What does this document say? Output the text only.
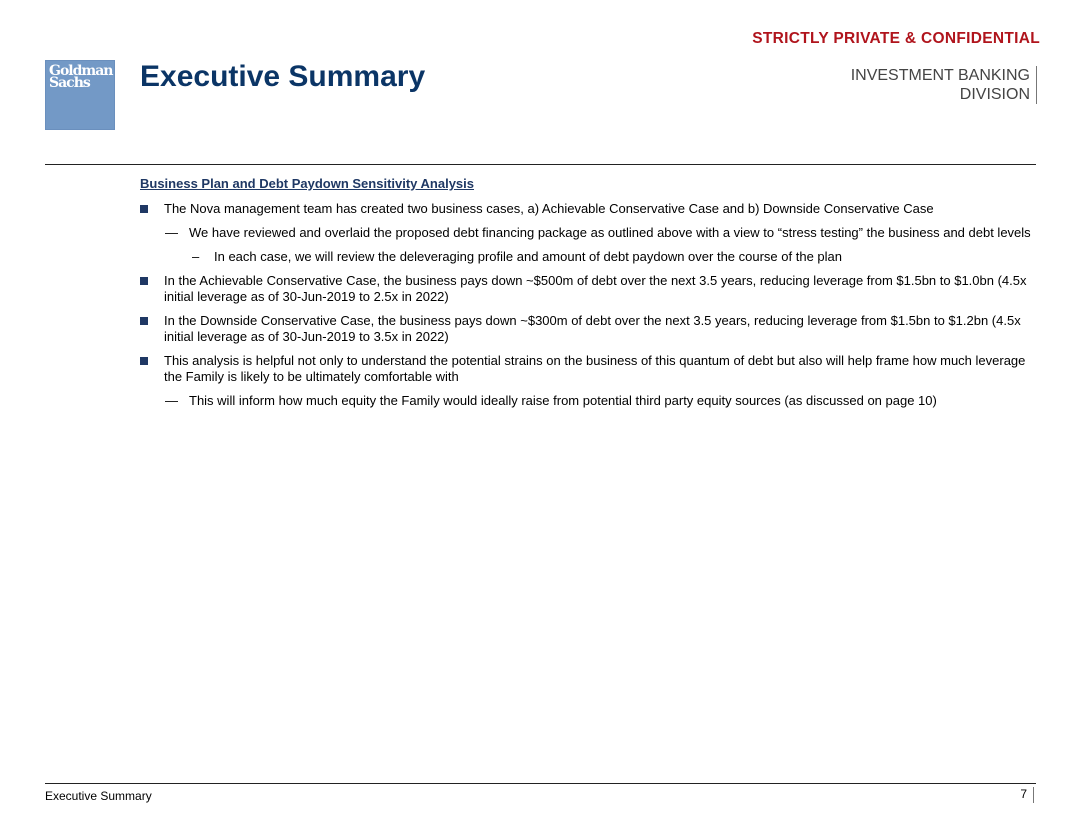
STRICTLY PRIVATE & CONFIDENTIAL
Goldman
Sachs	Executive Summary	INVESTMENT BANKING
DIVISION
Business Plan and Debt Paydown Sensitivity Analysis
The Nova management team has created two business cases, a) Achievable Conservative Case and b) Downside Conservative Case
— We have reviewed and overlaid the proposed debt financing package as outlined above with a view to “stress testing” the business and debt levels
– In each case, we will review the deleveraging profile and amount of debt paydown over the course of the plan
In the Achievable Conservative Case, the business pays down ~$500m of debt over the next 3.5 years, reducing leverage from $1.5bn to $1.0bn (4.5x initial leverage as of 30-Jun-2019 to 2.5x in 2022)
In the Downside Conservative Case, the business pays down ~$300m of debt over the next 3.5 years, reducing leverage from $1.5bn to $1.2bn (4.5x initial leverage as of 30-Jun-2019 to 3.5x in 2022)
This analysis is helpful not only to understand the potential strains on the business of this quantum of debt but also will help frame how much leverage the Family is likely to be ultimately comfortable with
— This will inform how much equity the Family would ideally raise from potential third party equity sources (as discussed on page 10)
Executive Summary	7
